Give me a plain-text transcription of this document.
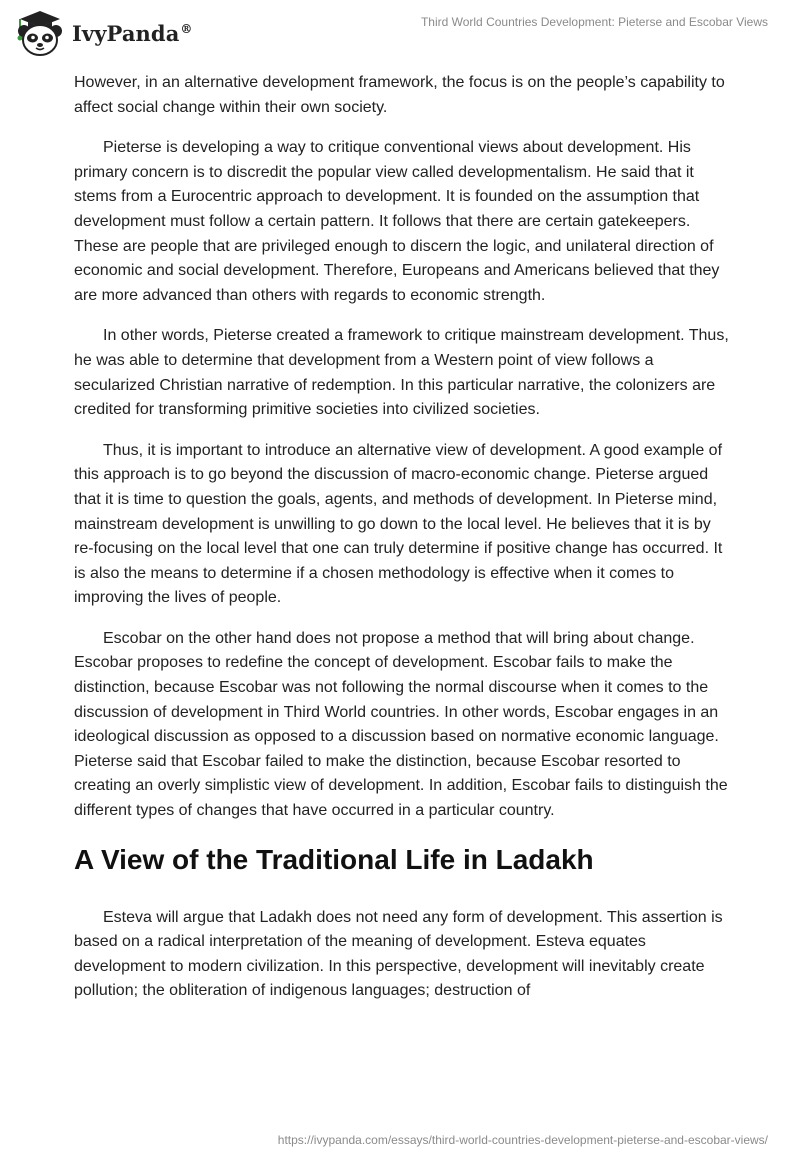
IvyPanda®	Third World Countries Development: Pieterse and Escobar Views

However, in an alternative development framework, the focus is on the people’s capability to affect social change within their own society.

Pieterse is developing a way to critique conventional views about development. His primary concern is to discredit the popular view called developmentalism. He said that it stems from a Eurocentric approach to development. It is founded on the assumption that development must follow a certain pattern. It follows that there are certain gatekeepers. These are people that are privileged enough to discern the logic, and unilateral direction of economic and social development. Therefore, Europeans and Americans believed that they are more advanced than others with regards to economic strength.

In other words, Pieterse created a framework to critique mainstream development. Thus, he was able to determine that development from a Western point of view follows a secularized Christian narrative of redemption. In this particular narrative, the colonizers are credited for transforming primitive societies into civilized societies.

Thus, it is important to introduce an alternative view of development. A good example of this approach is to go beyond the discussion of macro-economic change. Pieterse argued that it is time to question the goals, agents, and methods of development. In Pieterse mind, mainstream development is unwilling to go down to the local level. He believes that it is by re-focusing on the local level that one can truly determine if positive change has occurred. It is also the means to determine if a chosen methodology is effective when it comes to improving the lives of people.

Escobar on the other hand does not propose a method that will bring about change. Escobar proposes to redefine the concept of development. Escobar fails to make the distinction, because Escobar was not following the normal discourse when it comes to the discussion of development in Third World countries. In other words, Escobar engages in an ideological discussion as opposed to a discussion based on normative economic language. Pieterse said that Escobar failed to make the distinction, because Escobar resorted to creating an overly simplistic view of development. In addition, Escobar fails to distinguish the different types of changes that have occurred in a particular country.

A View of the Traditional Life in Ladakh

Esteva will argue that Ladakh does not need any form of development. This assertion is based on a radical interpretation of the meaning of development. Esteva equates development to modern civilization. In this perspective, development will inevitably create pollution; the obliteration of indigenous languages; destruction of

https://ivypanda.com/essays/third-world-countries-development-pieterse-and-escobar-views/
